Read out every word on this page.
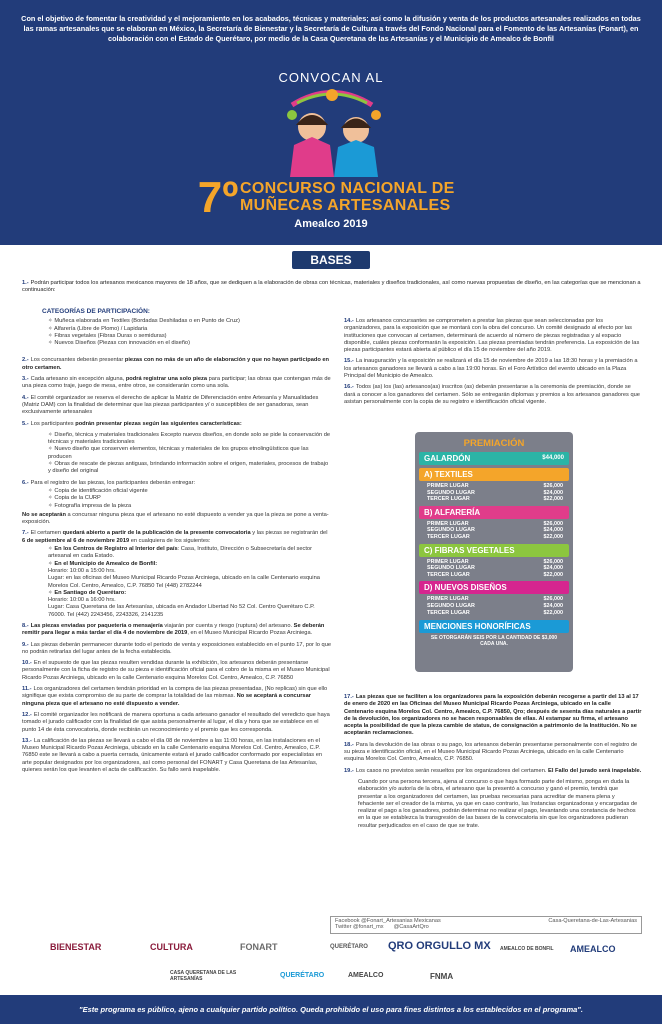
Con el objetivo de fomentar la creatividad y el mejoramiento en los acabados, técnicas y materiales; así como la difusión y venta de los productos artesanales realizados en todas las ramas artesanales que se elaboran en México, la Secretaría de Bienestar y la Secretaría de Cultura a través del Fondo Nacional para el Fomento de las Artesanías (Fonart), en colaboración con el Estado de Querétaro, por medio de la Casa Queretana de las Artesanías y el Municipio de Amealco de Bonfil
CONVOCAN AL
7º CONCURSO NACIONAL DE
MUÑECAS ARTESANALES
Amealco 2019
BASES
1.- Podrán participar todos los artesanos mexicanos mayores de 18 años, que se dediquen a la elaboración de obras con técnicas, materiales y diseños tradicionales, así como nuevas propuestas de diseño, en las categorías que se mencionan a continuación:
CATEGORÍAS DE PARTICIPACIÓN:
✧ Muñeca elaborada en Textiles (Bordadas Deshiladas o en Punto de Cruz)
✧ Alfarería (Libre de Plomo) / Lapidaria
✧ Fibras vegetales (Fibras Duras o semiduras)
✧ Nuevos Diseños (Piezas con innovación en el diseño)

2.- Los concursantes deberán presentar piezas con no más de un año de elaboración y que no hayan participado en otro certamen.

3.- Cada artesano sin excepción alguna, podrá registrar una solo pieza para participar; las obras que contengan más de una pieza como traje, juego de mesa, entre otros, se considerarán como una sola.

4.- El comité organizador se reserva el derecho de aplicar la Matriz de Diferenciación entre Artesanía y Manualidades (Matriz DAM) con la finalidad de determinar que las piezas participantes y/ o susceptibles de ser ganadoras, sean exclusivamente artesanales

5.- Los participantes podrán presentar piezas según las siguientes características:

✧ Diseño, técnica y materiales tradicionales Excepto nuevos diseños, en donde solo se pide la conservación de técnicas y materiales tradicionales
✧ Nuevo diseño que conserven elementos, técnicas y materiales de los grupos etnolingüísticos que las producen
✧ Obras de rescate de piezas antiguas, brindando información sobre el origen, materiales, procesos de trabajo y diseño del original

6.- Para el registro de las piezas, los participantes deberán entregar:

✧ Copia de identificación oficial vigente
✧ Copia de la CURP
✧ Fotografía impresa de la pieza

No se aceptarán a concursar ninguna pieza que el artesano no esté dispuesto a vender ya que la pieza se pone a venta-exposición.

7.- El certamen quedará abierto a partir de la publicación de la presente convocatoria y las piezas se registrarán del 6 de septiembre al 6 de noviembre 2019 en cualquiera de los siguientes:

✧ En los Centros de Registro al Interior del país: Casa, Instituto, Dirección o Subsecretaría del sector artesanal en cada Estado.
✧ En el Municipio de Amealco de Bonfil:
Horario: 10:00 a 15:00 hrs.
Lugar: en las oficinas del Museo Municipal Ricardo Pozas Arciniega, ubicado en la calle Centenario esquina Morelos Col. Centro, Amealco, C.P. 76850 Tel (448) 2782244
✧ En Santiago de Querétaro:
Horario: 10:00 a 16:00 hrs.
Lugar: Casa Queretana de las Artesanías, ubicada en Andador Libertad No 52 Col. Centro Querétaro C.P. 76000. Tel (442) 2243456, 2243326, 2141235

8.- Las piezas enviadas por paquetería o mensajería viajarán por cuenta y riesgo (ruptura) del artesano. Se deberán remitir para llegar a más tardar el día 4 de noviembre de 2019, en el Museo Municipal Ricardo Pozas Arciniega.

9.- Las piezas deberán permanecer durante todo el periodo de venta y exposiciones establecido en el punto 17, por lo que no podrán retirarlas del lugar antes de la fecha establecida.

10.- En el supuesto de que las piezas resulten vendidas durante la exhibición, los artesanos deberán presentarse personalmente con la ficha de registro de su pieza e identificación oficial para el cobro de la misma en el Museo Municipal Ricardo Pozas Arciniega, ubicado en la calle Centenario esquina Morelos Col. Centro, Amealco, C.P. 76850

11.- Los organizadores del certamen tendrán prioridad en la compra de las piezas presentadas, (No replicas) sin que ello signifique que exista compromiso de su parte de comprar la totalidad de las mismas. No se aceptará a concursar ninguna pieza que el artesano no esté dispuesto a vender.

12.- El comité organizador les notificará de manera oportuna a cada artesano ganador el resultado del veredicto que haya tomado el jurado calificador con la finalidad de que asista personalmente al lugar, el día y hora que se establece en el punto 14 de ésta convocatoria, donde recibirán un reconocimiento y el premio que les corresponda.

13.- La calificación de las piezas se llevará a cabo el día 08 de noviembre a las 11:00 horas, en las instalaciones en el Museo Municipal Ricardo Pozas Arciniega, ubicado en la calle Centenario esquina Morelos Col. Centro, Amealco, C.P. 76850 este se llevará a cabo a puerta cerrada, únicamente estará el jurado calificador conformado por especialistas en arte popular designados por los organizadores, así como personal del FONART y Casa Queretana de las Artesanías, quienes serán los que levanten el acta de calificación. Su fallo será inapelable.

14.- Los artesanos concursantes se comprometen a prestar las piezas que sean seleccionadas por los organizadores, para la exposición que se montará con la obra del concurso. Un comité designado al efecto por las instituciones que convocan al certamen, determinará de acuerdo al número de piezas registradas y al espacio disponible, cuáles piezas conformarán la exposición. Las piezas premiadas tendrán preferencia. La exposición de las piezas participantes estará abierta al público el día 15 de noviembre del año 2019.

15.- La inauguración y la exposición se realizará el día 15 de noviembre de 2019 a las 18:30 horas y la premiación a los artesanos ganadores se llevará a cabo a las 19:00 horas. En el Foro Artístico del evento ubicado en la Plaza Principal del Municipio de Amealco.

16.- Todos (as) los (las) artesanos(as) inscritos (as) deberán presentarse a la ceremonia de premiación, donde se dará a conocer a los ganadores del certamen. Sólo se entregarán diplomas y premios a los artesanos ganadores que asistan personalmente con la copia de su registro e identificación oficial vigente.

PREMIACIÓN
GALARDÓN	$44,000
A) TEXTILES
PRIMER LUGAR	$26,000
SEGUNDO LUGAR	$24,000
TERCER LUGAR	$22,000
B) ALFARERÍA
PRIMER LUGAR	$26,000
SEGUNDO LUGAR	$24,000
TERCER LUGAR	$22,000
C) FIBRAS VEGETALES
PRIMER LUGAR	$26,000
SEGUNDO LUGAR	$24,000
TERCER LUGAR	$22,000
D) NUEVOS DISEÑOS
PRIMER LUGAR	$26,000
SEGUNDO LUGAR	$24,000
TERCER LUGAR	$22,000
MENCIONES HONORÍFICAS
SE OTORGARÁN SEIS POR LA CANTIDAD DE $3,000 CADA UNA.

17.- Las piezas que se faciliten a los organizadores para la exposición deberán recogerse a partir del 13 al 17 de enero de 2020 en las Oficinas del Museo Municipal Ricardo Pozas Arciniega, ubicado en la calle Centenario esquina Morelos Col. Centro, Amealco, C.P. 76850, Qro; después de sesenta días naturales a partir de la devolución, los organizadores no se hacen responsables de ellas. Al estampar su firma, el artesano acepta la posibilidad de que la pieza cambie de status, de consignación a patrimonio de la Institución. No se aceptarán reclamaciones.

18.- Para la devolución de las obras o su pago, los artesanos deberán presentarse personalmente con el registro de su pieza e identificación oficial, en el Museo Municipal Ricardo Pozas Arciniega, ubicado en la calle Centenario esquina Morelos Col. Centro, Amealco, C.P. 76850.

19.- Los casos no previstos serán resueltos por los organizadores del certamen. El Fallo del jurado será inapelable.

Cuando por una persona tercera, ajena al concurso o que haya formado parte del mismo, ponga en duda la elaboración y/o autoría de la obra, el artesano que la presentó a concurso y ganó el premio, tendrá que presentar a los organizadores del certamen, las pruebas necesarias para acreditar de manera plena y fehaciente ser el creador de la misma, ya que en caso contrario, las Instancias organizadoras y encargadas de realizar el pago a los ganadores, podrán determinar no realizar el pago, levantando una constancia de hechos en la que se establezca la transgresión de las bases de la convocatoria sin que los organizadores pudieran resultar perjudicados en el caso de que se trate.

Facebook @Fonart_Artesanias Mexicanas	Casa-Queretana-de-Las-Artesanias
Twitter @fonart_mx @CasaArtQro
BIENESTAR	CULTURA	FONART	QUERÉTARO QRO ORGULLO MX AMEALCO DE BONFIL AMEALCO
CASA QUERETANA DE LAS ARTESANÍAS	QUERÉTARO	AMEALCO	FNMA
"Este programa es público, ajeno a cualquier partido político. Queda prohibido el uso para fines distintos a los establecidos en el programa".
